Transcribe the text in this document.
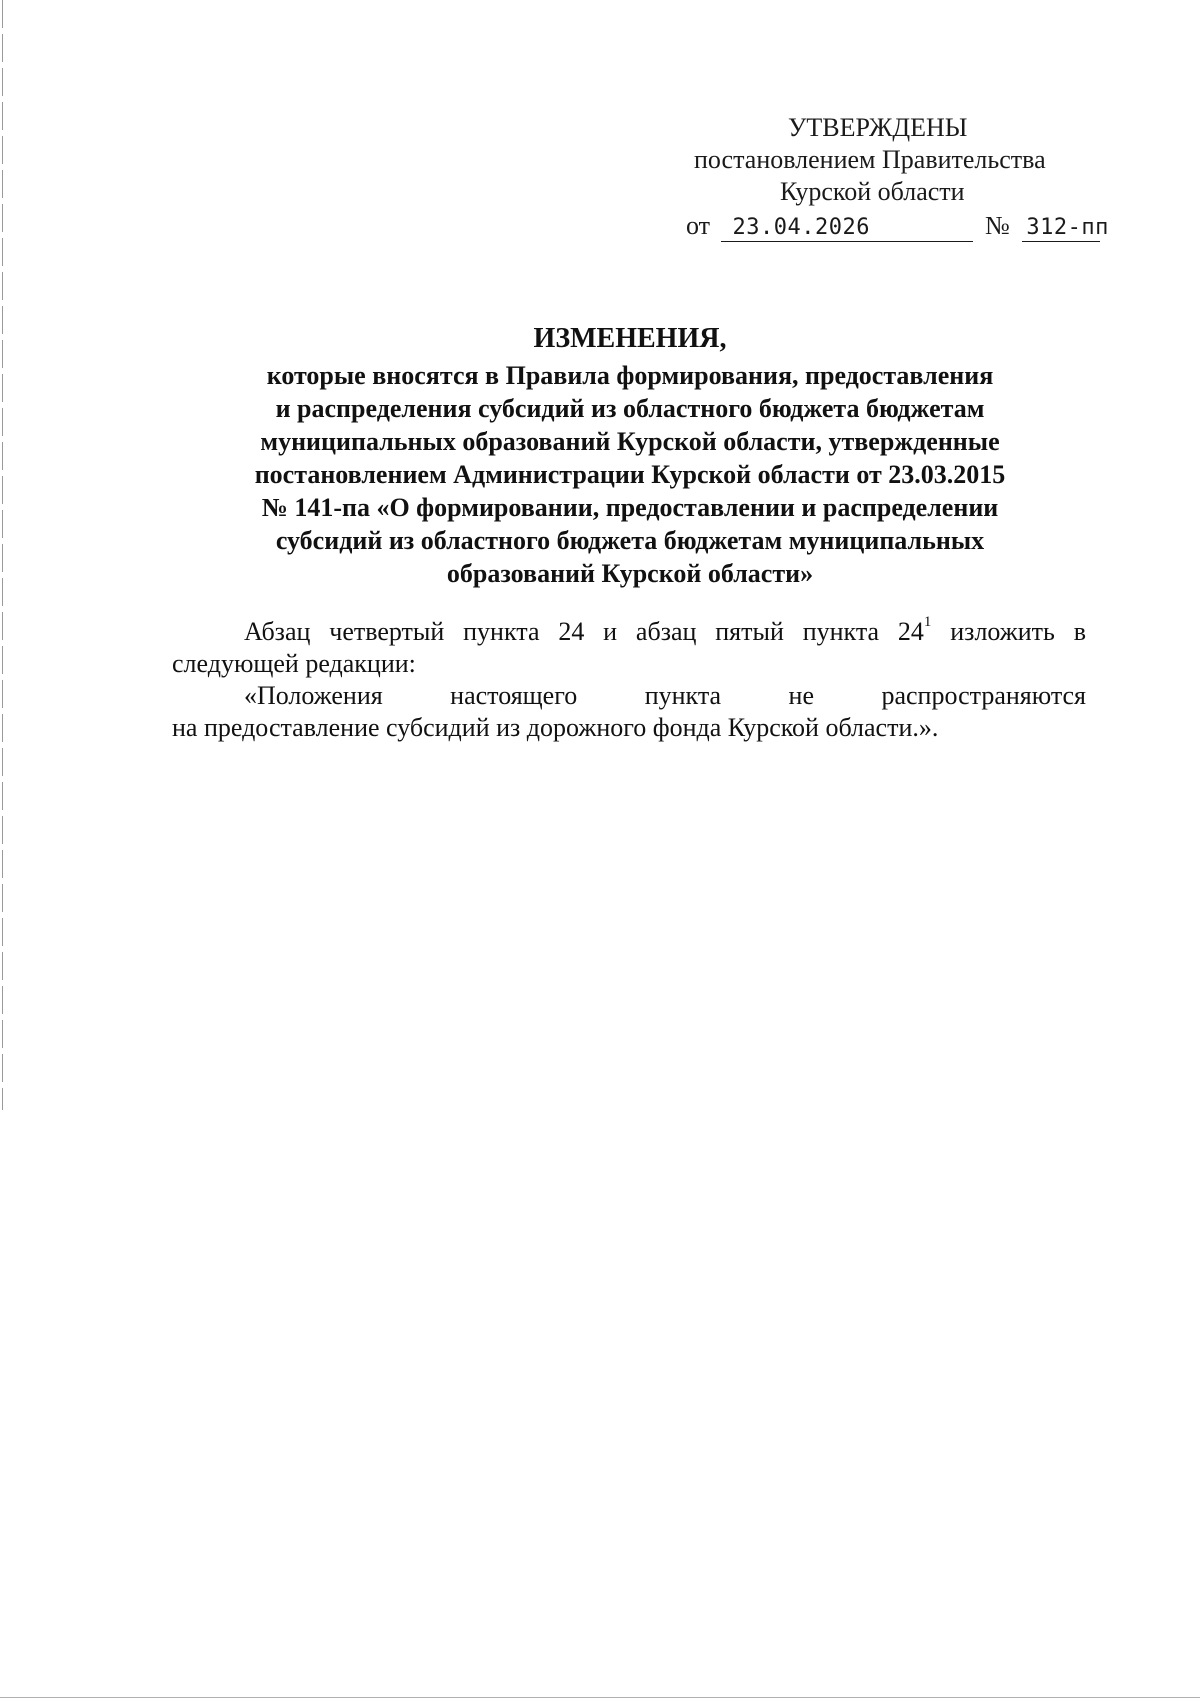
УТВЕРЖДЕНЫ
постановлением Правительства
Курской области
от 23.04.2026	№ 312-пп
ИЗМЕНЕНИЯ,
которые вносятся в Правила формирования, предоставления
и распределения субсидий из областного бюджета бюджетам
муниципальных образований Курской области, утвержденные
постановлением Администрации Курской области от 23.03.2015
№ 141-па «О формировании, предоставлении и распределении
субсидий из областного бюджета бюджетам муниципальных
образований Курской области»

Абзац четвертый пункта 24 и абзац пятый пункта $24^1$ изложить в следующей редакции:

«Положения настоящего пункта не распространяются

на предоставление субсидий из дорожного фонда Курской области.».
